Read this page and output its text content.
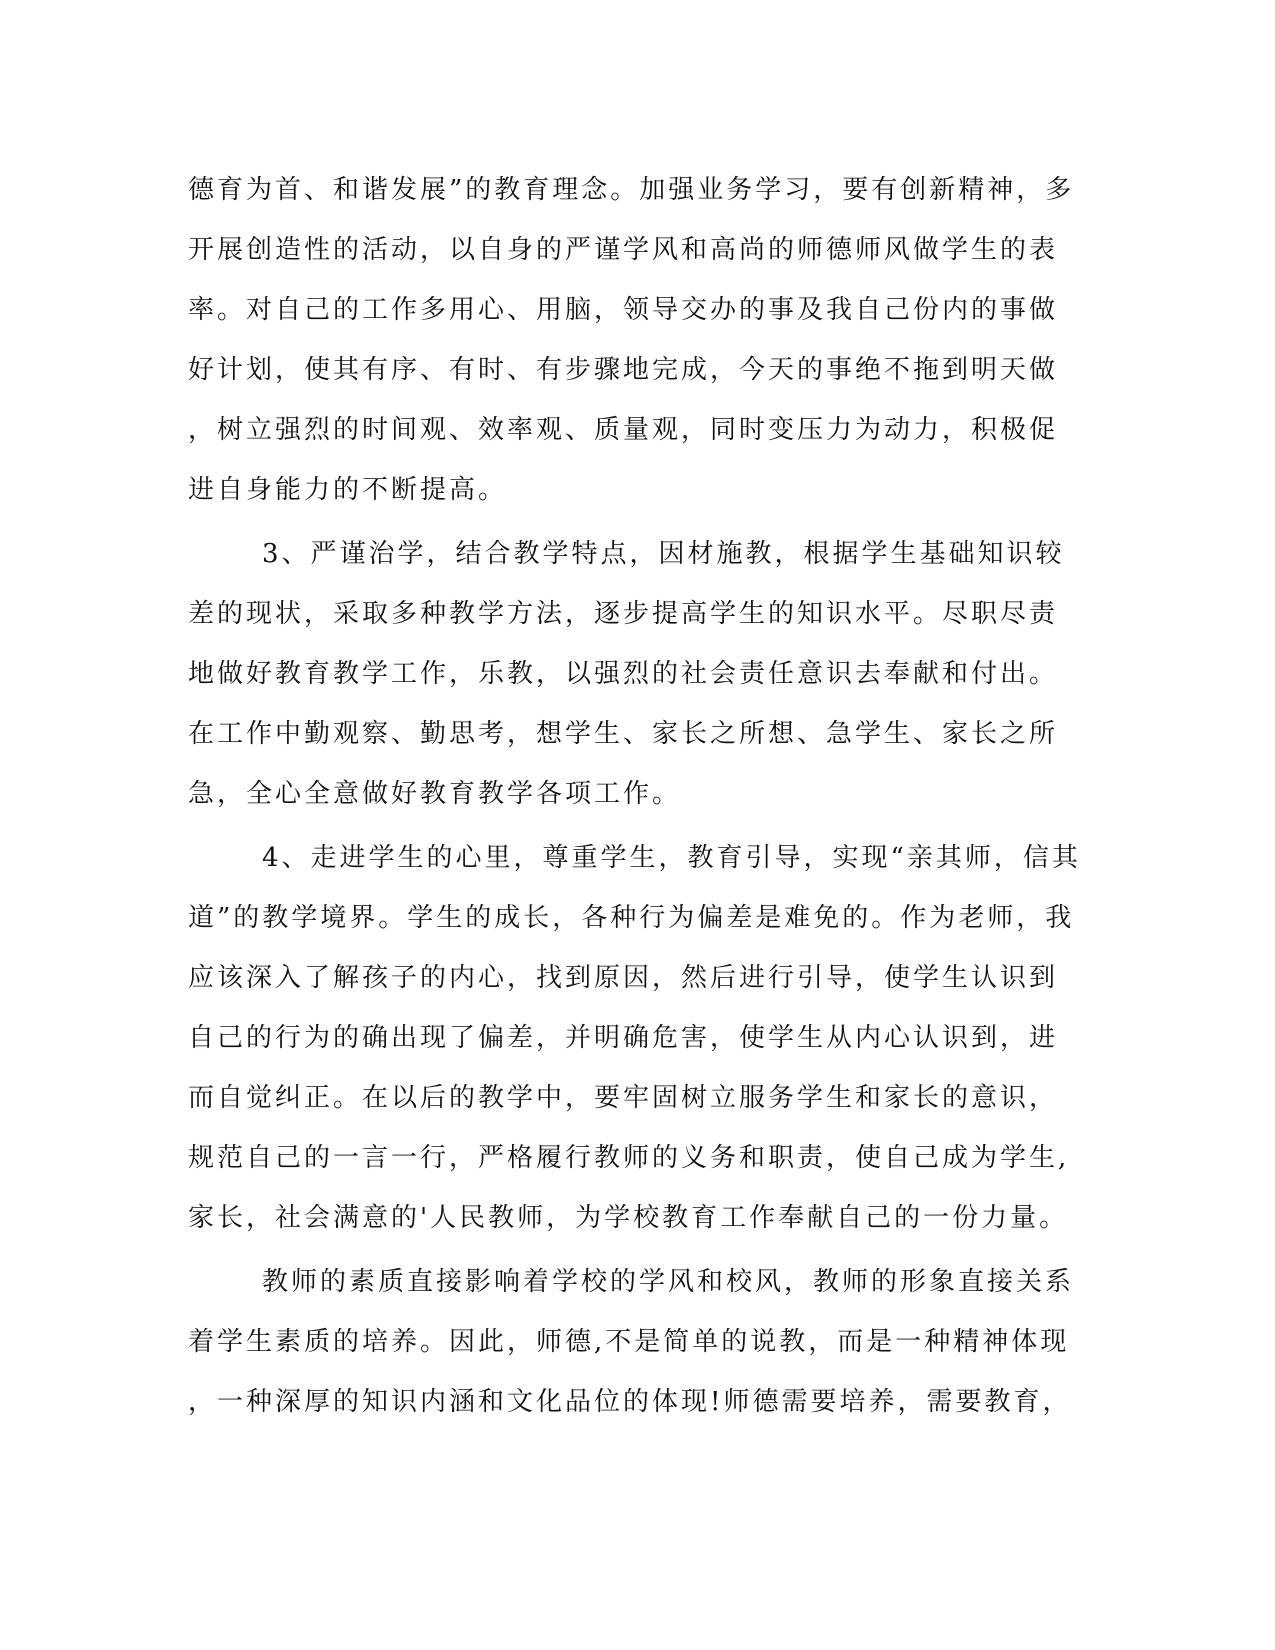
德育为首、和谐发展”的教育理念。加强业务学习，要有创新精神，多
开展创造性的活动，以自身的严谨学风和高尚的师德师风做学生的表
率。对自己的工作多用心、用脑，领导交办的事及我自己份内的事做
好计划，使其有序、有时、有步骤地完成，今天的事绝不拖到明天做
，树立强烈的时间观、效率观、质量观，同时变压力为动力，积极促
进自身能力的不断提高。
3、严谨治学，结合教学特点，因材施教，根据学生基础知识较
差的现状，采取多种教学方法，逐步提高学生的知识水平。尽职尽责
地做好教育教学工作，乐教，以强烈的社会责任意识去奉献和付出。
在工作中勤观察、勤思考，想学生、家长之所想、急学生、家长之所
急，全心全意做好教育教学各项工作。
4、走进学生的心里，尊重学生，教育引导，实现“亲其师，信其
道”的教学境界。学生的成长，各种行为偏差是难免的。作为老师，我
应该深入了解孩子的内心，找到原因，然后进行引导，使学生认识到
自己的行为的确出现了偏差，并明确危害，使学生从内心认识到，进
而自觉纠正。在以后的教学中，要牢固树立服务学生和家长的意识，
规范自己的一言一行，严格履行教师的义务和职责，使自己成为学生,
家长，社会满意的'人民教师，为学校教育工作奉献自己的一份力量。
教师的素质直接影响着学校的学风和校风，教师的形象直接关系
着学生素质的培养。因此，师德,不是简单的说教，而是一种精神体现
，一种深厚的知识内涵和文化品位的体现!师德需要培养，需要教育，
